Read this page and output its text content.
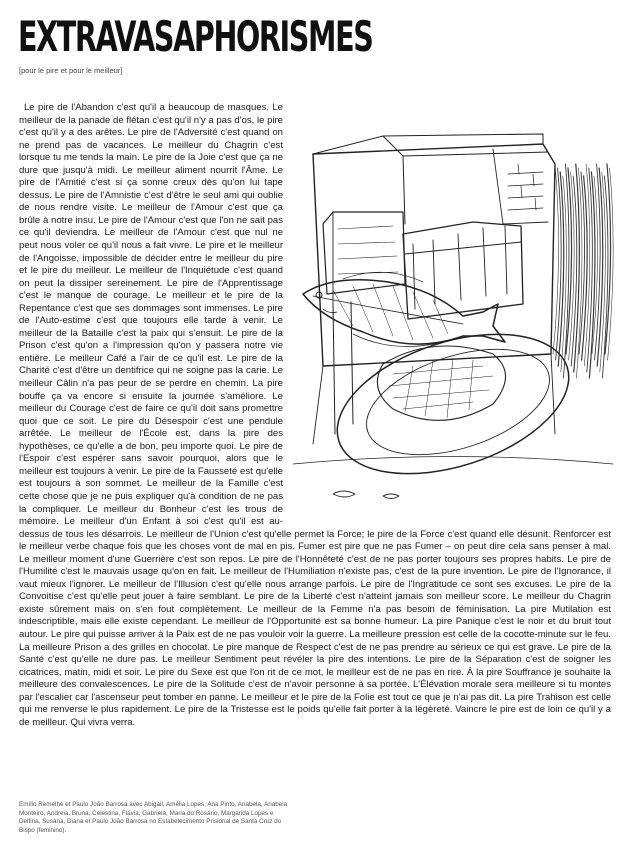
EXTRAVASAPHORISMES
[pour le pire et pour le meilleur]

Le pire de l'Abandon c'est qu'il a beaucoup de masques. Le meilleur de la panade de flétan c'est qu'il n'y a pas d'os, le pire c'est qu'il y a des arêtes. Le pire de l'Adversité c'est quand on ne prend pas de vacances. Le meilleur du Chagrin c'est lorsque tu me tends la main. Le pire de la Joie c'est que ça ne dure que jusqu'à midi. Le meilleur aliment nourrit l'Âme. Le pire de l'Amitié c'est si ça sonne creux dès qu'on lui tape dessus. Le pire de l'Amnistie c'est d'être le seul ami qui oublie de nous rendre visite. Le meilleur de l'Amour c'est que ça brûle à notre insu. Le pire de l'Amour c'est que l'on ne sait pas ce qu'il deviendra. Le meilleur de l'Amour c'est que nul ne peut nous voler ce qu'il nous a fait vivre. Le pire et le meilleur de l'Angoisse, impossible de décider entre le meilleur du pire et le pire du meilleur. Le meilleur de l'Inquiétude c'est quand on peut la dissiper sereinement. Le pire de l'Apprentissage c'est le manque de courage. Le meilleur et le pire de la Repentance c'est que ses dommages sont immenses. Le pire de l'Auto-estime c'est que toujours elle tarde à venir. Le meilleur de la Bataille c'est la paix qui s'ensuit. Le pire de la Prison c'est qu'on a l'impression qu'on y passera notre vie entière. Le meilleur Café a l'air de ce qu'il est. Le pire de la Charité c'est d'être un dentifrice qui ne soigne pas la carie. Le meilleur Câlin n'a pas peur de se perdre en chemin. La pire bouffe ça va encore si ensuite la journée s'améliore. Le meilleur du Courage c'est de faire ce qu'il doit sans promettre quoi que ce soit. Le pire du Désespoir c'est une pendule arrêtée. Le meilleur de l'École est, dans la pire des hypothèses, ce qu'elle a de bon, peu importe quoi. Le pire de l'Espoir c'est espérer sans savoir pourquoi, alors que le meilleur est toujours à venir. Le pire de la Fausseté est qu'elle est toujours à son sommet. Le meilleur de la Famille c'est cette chose que je ne puis expliquer qu'à condition de ne pas la compliquer. Le meilleur du Bonheur c'est les trous de mémoire. Le meilleur d'un Enfant à soi c'est qu'il est au-dessus de tous les désarrois. Le meilleur de l'Union c'est qu'elle permet la Force; le pire de la Force c'est quand elle désunit. Renforcer est le meilleur verbe chaque fois que les choses vont de mal en pis. Fumer est pire que ne pas Fumer – on peut dire cela sans penser à mal. Le meilleur moment d'une Guerrière c'est son repos. Le pire de l'Honnêteté c'est de ne pas porter toujours ses propres habits. Le pire de l'Humilité c'est le mauvais usage qu'on en fait. Le meilleur de l'Humiliation n'existe pas, c'est de la pure invention. Le pire de l'Ignorance, il vaut mieux l'ignorer. Le meilleur de l'Illusion c'est qu'elle nous arrange parfois. Le pire de l'Ingratitude ce sont ses excuses. Le pire de la Convoitise c'est qu'elle peut jouer à faire semblant. Le pire de la Liberté c'est n'atteint jamais son meilleur score. Le meilleur du Chagrin existe sûrement mais on s'en fout complètement. Le meilleur de la Femme n'a pas besoin de féminisation. La pire Mutilation est indescriptible, mais elle existe cependant. Le meilleur de l'Opportunité est sa bonne humeur. La pire Panique c'est le noir et du bruit tout autour. Le pire qui puisse arriver à la Paix est de ne pas vouloir voir la guerre. La meilleure pression est celle de la cocotte-minute sur le feu. La meilleure Prison a des grilles en chocolat. Le pire manque de Respect c'est de ne pas prendre au sérieux ce qui est grave. Le pire de la Santé c'est qu'elle ne dure pas. Le meilleur Sentiment peut révéler la pire des intentions. Le pire de la Séparation c'est de soigner les cicatrices, matin, midi et soir. Le pire du Sexe est que l'on rit de ce mot, le meilleur est de ne pas en rire. À la pire Souffrance je souhaite la meilleure des convalescences. Le pire de la Solitude c'est de n'avoir personne à sa portée. L'Élévation morale sera meilleure si tu montes par l'escalier car l'ascenseur peut tomber en panne. Le meilleur et le pire de la Folie est tout ce que je n'ai pas dit. La pire Trahison est celle qui me renverse le plus rapidement. Le pire de la Tristesse est le poids qu'elle fait porter à la légèreté. Vaincre le pire est de loin ce qu'il y a de meilleur. Qui vivra verra.

Emílio Remelhe et Paulo João Barrosa avec Abigail, Amélia Lopes, Ana Pinto, Anabela, Anabela Monteiro, Andreia, Bruna, Celestina, Flávia, Gabriela, Maria do Rosário, Margarida Lopes e Delfina, Susana, Diana et Paulo João Barrosa no Estabelecimento Prisional de Santa Cruz do Bispo (feminino).
